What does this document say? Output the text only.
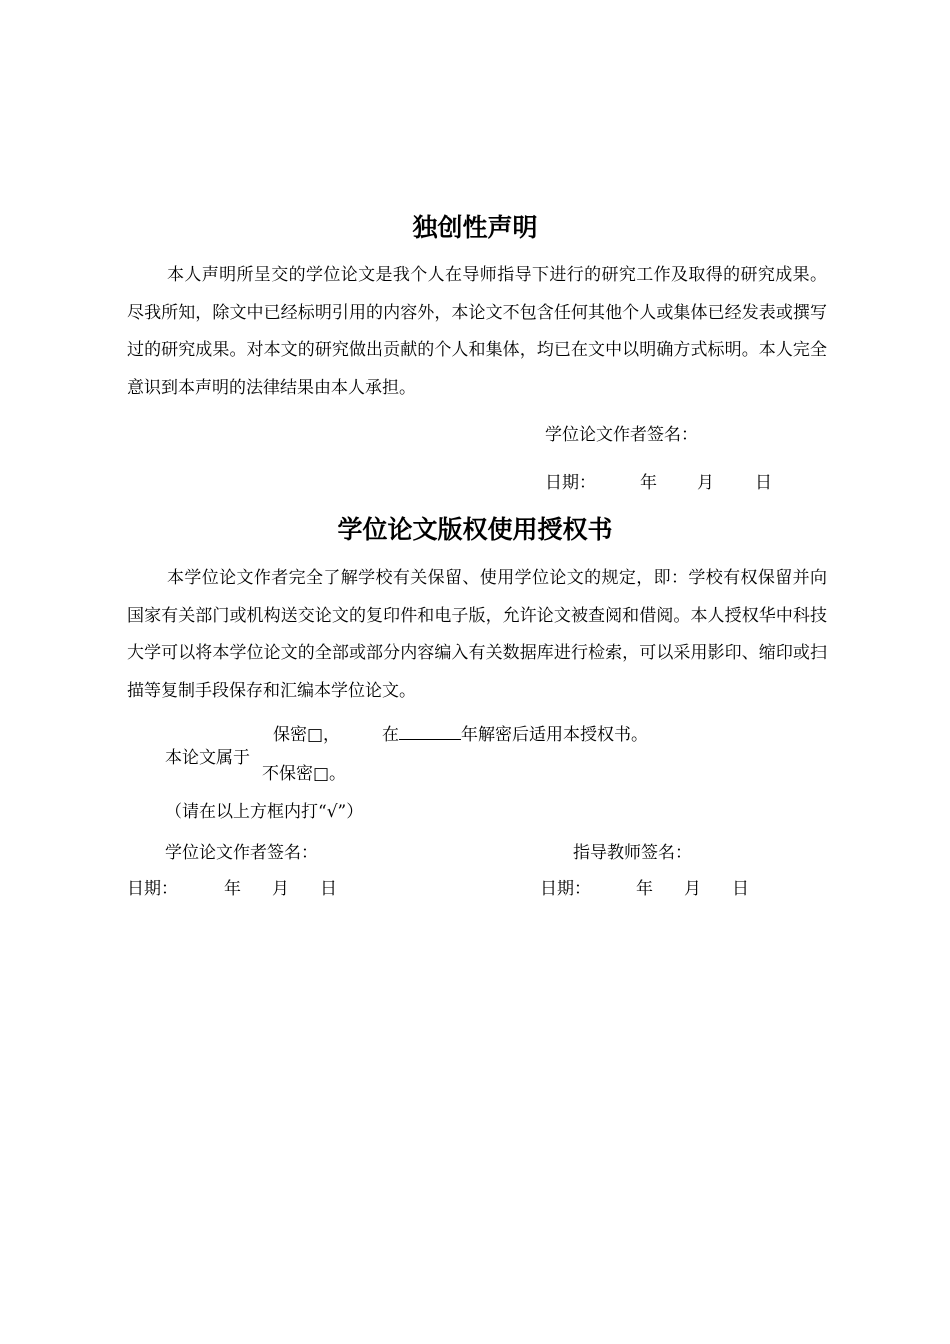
独创性声明
本人声明所呈交的学位论文是我个人在导师指导下进行的研究工作及取得的研究成果。尽我所知，除文中已经标明引用的内容外，本论文不包含任何其他个人或集体已经发表或撰写过的研究成果。对本文的研究做出贡献的个人和集体，均已在文中以明确方式标明。本人完全意识到本声明的法律结果由本人承担。
学位论文作者签名：
日期：	年 月 日
学位论文版权使用授权书
本学位论文作者完全了解学校有关保留、使用学位论文的规定，即：学校有权保留并向国家有关部门或机构送交论文的复印件和电子版，允许论文被查阅和借阅。本人授权华中科技大学可以将本学位论文的全部或部分内容编入有关数据库进行检索，可以采用影印、缩印或扫描等复制手段保存和汇编本学位论文。
保密□， 在	年解密后适用本授权书。
本论文属于
不保密□。
（请在以上方框内打“√”）
学位论文作者签名：	指导教师签名：
日期：	年 月 日	日期：	年 月 日
